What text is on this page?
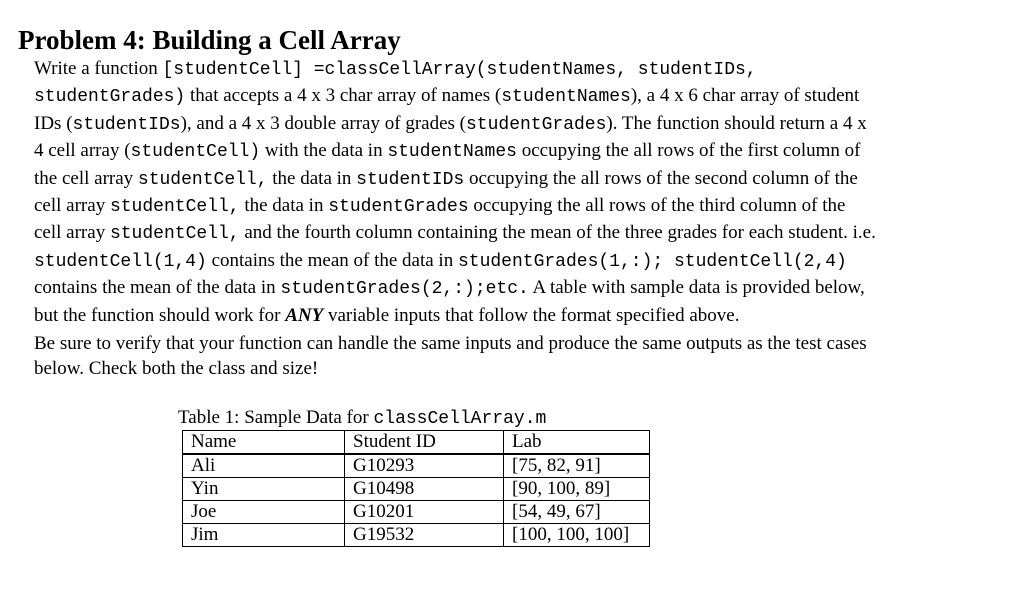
Problem 4: Building a Cell Array
Write a function [studentCell] =classCellArray(studentNames, studentIDs,
studentGrades) that accepts a 4 x 3 char array of names (studentNames), a 4 x 6 char array of student
IDs (studentIDs), and a 4 x 3 double array of grades (studentGrades). The function should return a 4 x
4 cell array (studentCell) with the data in studentNames occupying the all rows of the first column of
the cell array studentCell, the data in studentIDs occupying the all rows of the second column of the
cell array studentCell, the data in studentGrades occupying the all rows of the third column of the
cell array studentCell, and the fourth column containing the mean of the three grades for each student. i.e.
studentCell(1,4) contains the mean of the data in studentGrades(1,:); studentCell(2,4)
contains the mean of the data in studentGrades(2,:);etc. A table with sample data is provided below,
but the function should work for ANY variable inputs that follow the format specified above.
Be sure to verify that your function can handle the same inputs and produce the same outputs as the test cases
below. Check both the class and size!
Table 1: Sample Data for classCellArray.m
Name	Student ID	Lab
Ali	G10293	[75, 82, 91]
Yin	G10498	[90, 100, 89]
Joe	G10201	[54, 49, 67]
Jim	G19532	[100, 100, 100]
